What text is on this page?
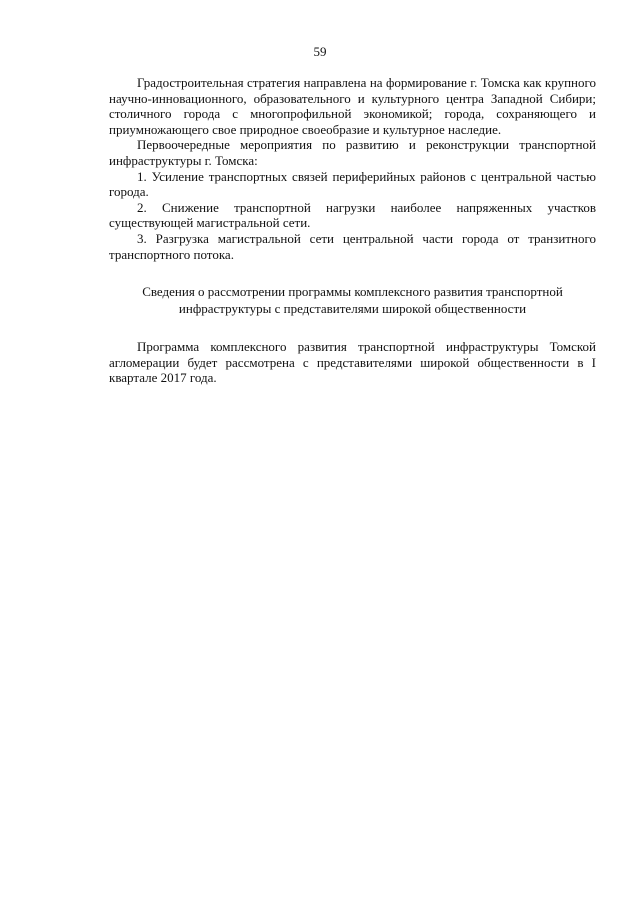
59

Градостроительная стратегия направлена на формирование г. Томска как крупного научно-инновационного, образовательного и культурного центра Западной Сибири; столичного города с многопрофильной экономикой; города, сохраняющего и приумножающего свое природное своеобразие и культурное наследие.

Первоочередные мероприятия по развитию и реконструкции транспортной инфраструктуры г. Томска:

1. Усиление транспортных связей периферийных районов с центральной частью города.

2. Снижение транспортной нагрузки наиболее напряженных участков существующей магистральной сети.

3. Разгрузка магистральной сети центральной части города от транзитного транспортного потока.

Сведения о рассмотрении программы комплексного развития транспортной
инфраструктуры с представителями широкой общественности

Программа комплексного развития транспортной инфраструктуры Томской агломерации будет рассмотрена с представителями широкой общественности в I квартале 2017 года.
